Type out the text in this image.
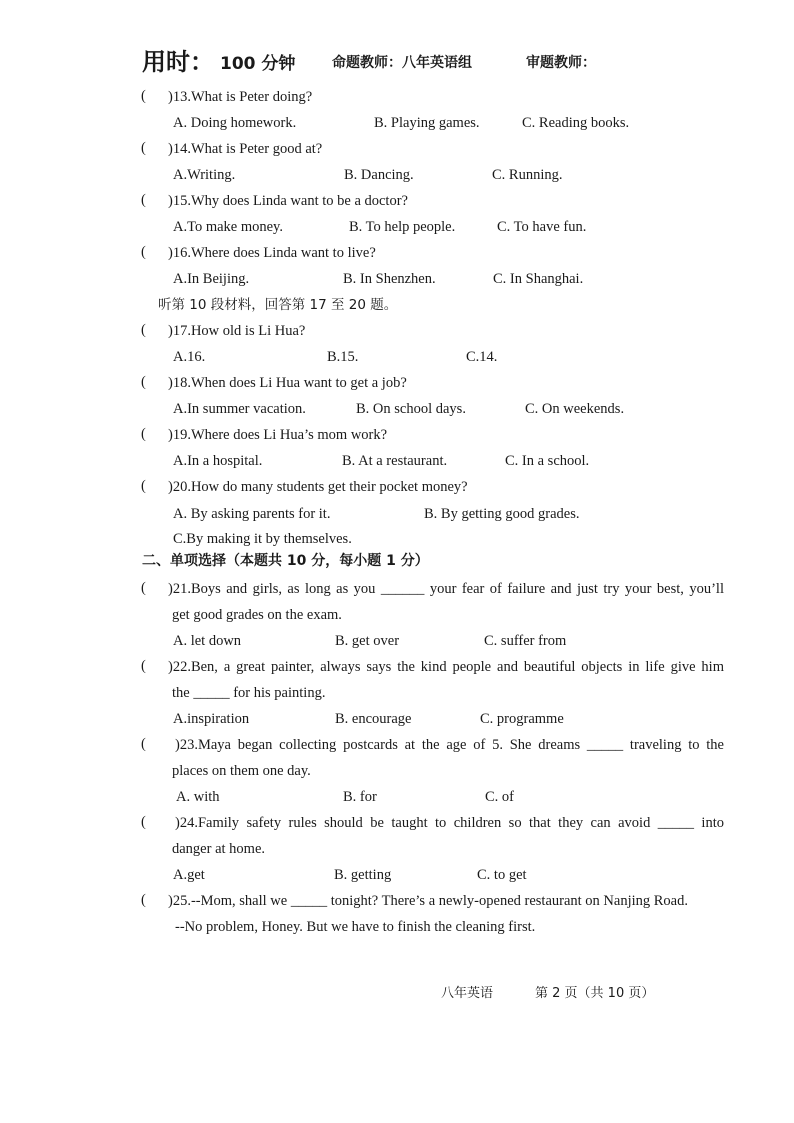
用时： 100 分钟	命题教师：八年英语组	审题教师：
( )13.What is Peter doing?
A. Doing homework.	B. Playing games.	C. Reading books.
( )14.What is Peter good at?
A.Writing.	B. Dancing.	C. Running.
( )15.Why does Linda want to be a doctor?
A.To make money.	B. To help people.	C. To have fun.
( )16.Where does Linda want to live?
A.In Beijing.	B. In Shenzhen.	C. In Shanghai.
听第 10 段材料，回答第 17 至 20 题。
( )17.How old is Li Hua?
A.16.	B.15.	C.14.
( )18.When does Li Hua want to get a job?
A.In summer vacation.	B. On school days.	C. On weekends.
( )19.Where does Li Hua’s mom work?
A.In a hospital.	B. At a restaurant.	C. In a school.
( )20.How do many students get their pocket money?
A. By asking parents for it.	B. By getting good grades.
C.By making it by themselves.
二、单项选择（本题共 10 分，每小题 1 分）
( )21.Boys and girls, as long as you ______ your fear of failure and just try your best, you’ll
get good grades on the exam.
A. let down	B. get over	C. suffer from
( )22.Ben, a great painter, always says the kind people and beautiful objects in life give him
the _____ for his painting.
A.inspiration	B. encourage	C. programme
( )23.Maya began collecting postcards at the age of 5. She dreams _____ traveling to the
places on them one day.
A. with	B. for	C. of
( )24.Family safety rules should be taught to children so that they can avoid _____ into
danger at home.
A.get	B. getting	C. to get
( )25.--Mom, shall we _____ tonight? There’s a newly-opened restaurant on Nanjing Road.
--No problem, Honey. But we have to finish the cleaning first.
八年英语	第 2 页（共 10 页）
